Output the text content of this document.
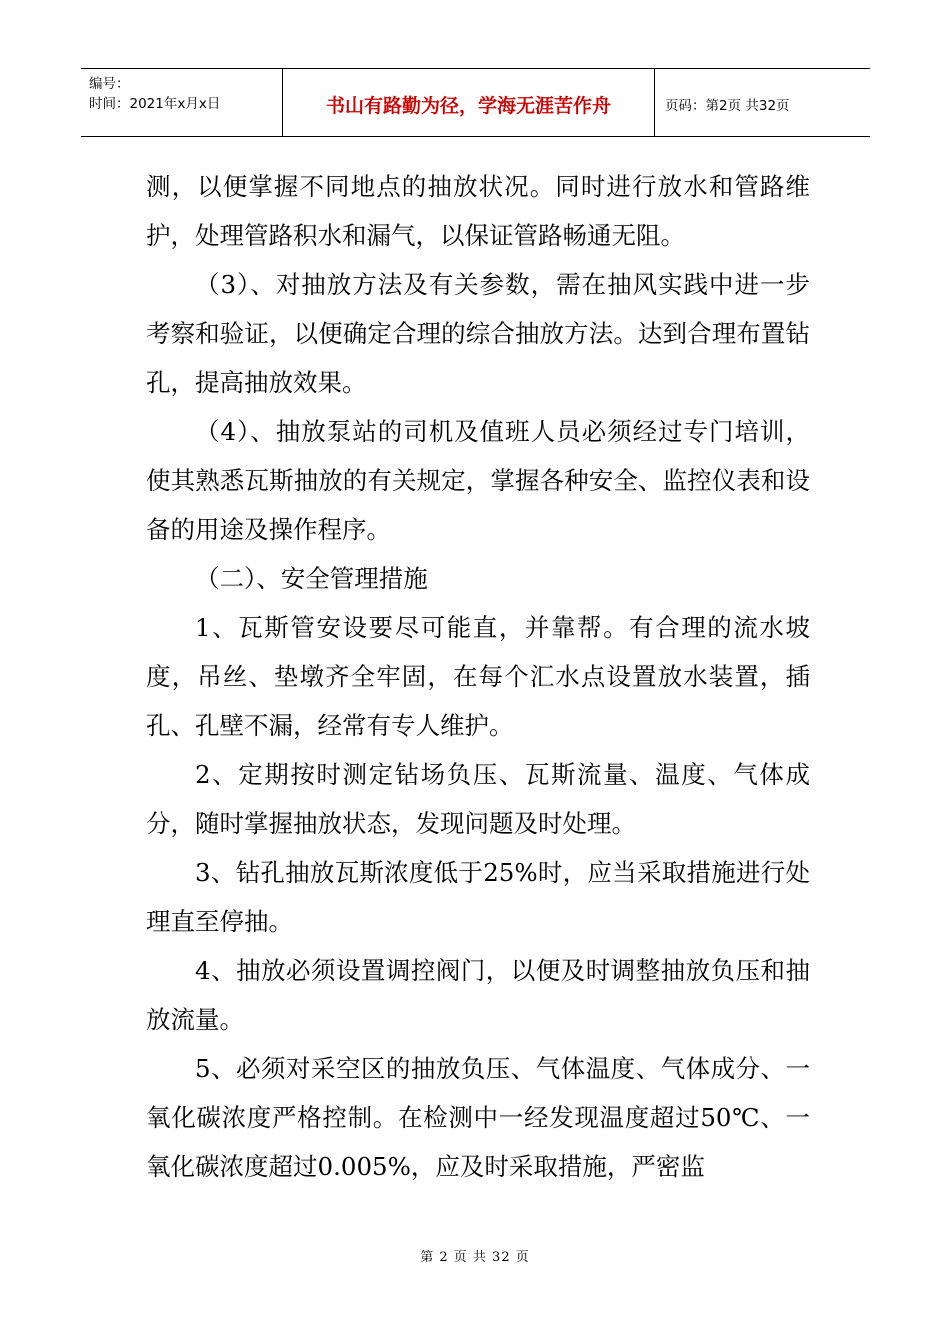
编号：
时间：2021年x月x日	书山有路勤为径，学海无涯苦作舟	页码：第2页 共32页

测，以便掌握不同地点的抽放状况。同时进行放水和管路维护，处理管路积水和漏气，以保证管路畅通无阻。

（3）、对抽放方法及有关参数，需在抽风实践中进一步考察和验证，以便确定合理的综合抽放方法。达到合理布置钻孔，提高抽放效果。

（4）、抽放泵站的司机及值班人员必须经过专门培训，使其熟悉瓦斯抽放的有关规定，掌握各种安全、监控仪表和设备的用途及操作程序。

（二）、安全管理措施

1、瓦斯管安设要尽可能直，并靠帮。有合理的流水坡度，吊丝、垫墩齐全牢固，在每个汇水点设置放水装置，插孔、孔壁不漏，经常有专人维护。

2、定期按时测定钻场负压、瓦斯流量、温度、气体成分，随时掌握抽放状态，发现问题及时处理。

3、钻孔抽放瓦斯浓度低于25%时，应当采取措施进行处理直至停抽。

4、抽放必须设置调控阀门，以便及时调整抽放负压和抽放流量。

5、必须对采空区的抽放负压、气体温度、气体成分、一氧化碳浓度严格控制。在检测中一经发现温度超过50℃、一氧化碳浓度超过0.005%，应及时采取措施，严密监

第 2 页 共 32 页
